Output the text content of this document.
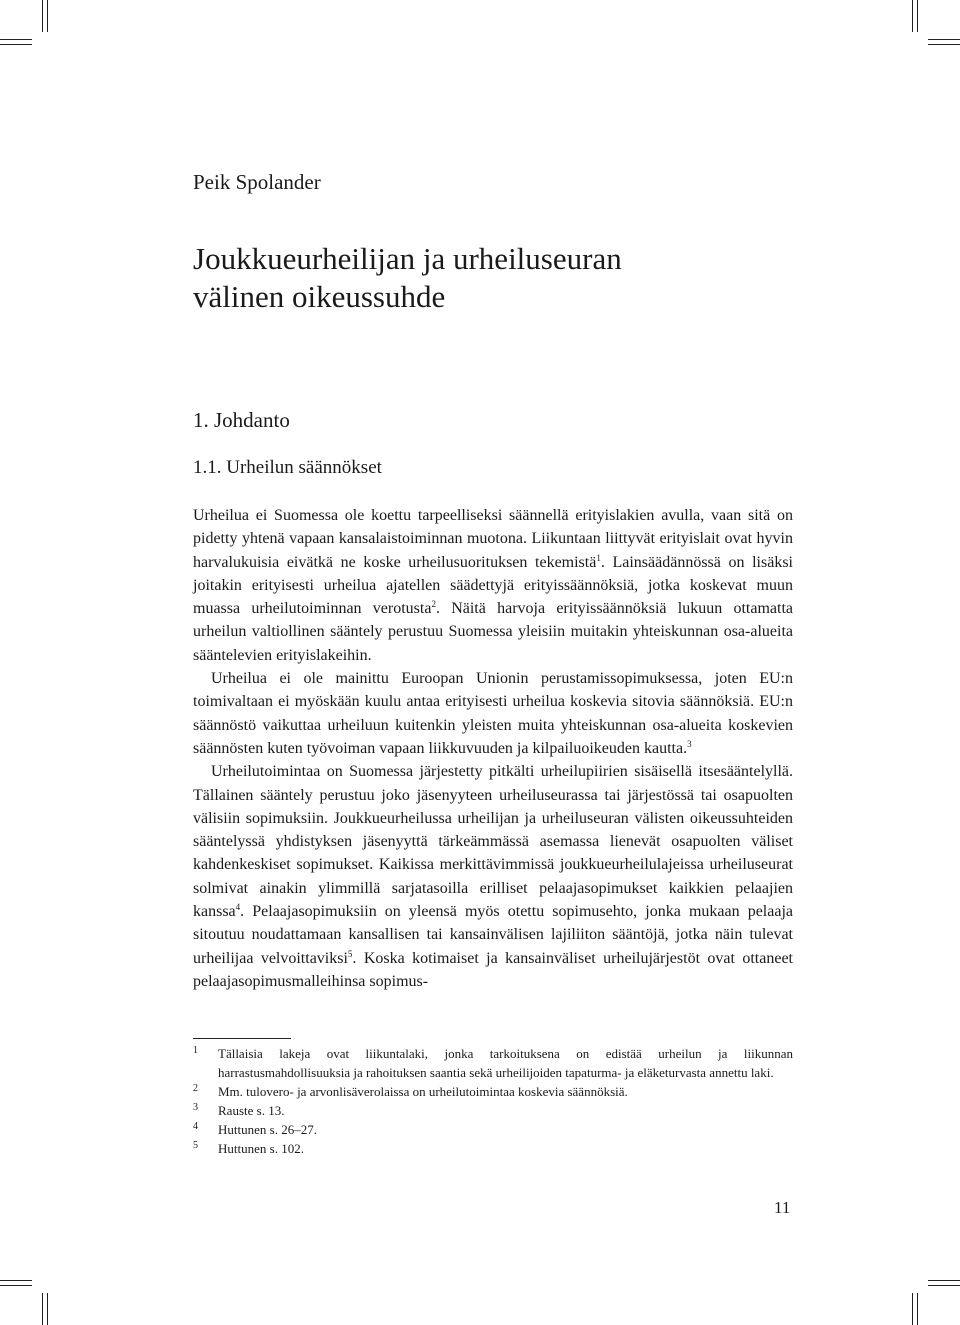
Peik Spolander
Joukkueurheilijan ja urheiluseuran
välinen oikeussuhde
1. Johdanto
1.1. Urheilun säännökset

Urheilua ei Suomessa ole koettu tarpeelliseksi säännellä erityislakien avulla, vaan sitä on pidetty yhtenä vapaan kansalaistoiminnan muotona. Liikuntaan liittyvät erityislait ovat hyvin harvalukuisia eivätkä ne koske urheilusuorituksen tekemistä$^1$. Lainsäädännössä on lisäksi joitakin erityisesti urheilua ajatellen säädettyjä erityissäännöksiä, jotka koskevat muun muassa urheilutoiminnan verotusta$^2$. Näitä harvoja erityissäännöksiä lukuun ottamatta urheilun valtiollinen sääntely perustuu Suomessa yleisiin muitakin yhteiskunnan osa-alueita sääntelevien erityislakeihin.

Urheilua ei ole mainittu Euroopan Unionin perustamissopimuksessa, joten EU:n toimivaltaan ei myöskään kuulu antaa erityisesti urheilua koskevia sitovia säännöksiä. EU:n säännöstö vaikuttaa urheiluun kuitenkin yleisten muita yhteiskunnan osa-alueita koskevien säännösten kuten työvoiman vapaan liikkuvuuden ja kilpailuoikeuden kautta.$^3$

Urheilutoimintaa on Suomessa järjestetty pitkälti urheilupiirien sisäisellä itsesääntelyllä. Tällainen sääntely perustuu joko jäsenyyteen urheiluseurassa tai järjestössä tai osapuolten välisiin sopimuksiin. Joukkueurheilussa urheilijan ja urheiluseuran välisten oikeussuhteiden sääntelyssä yhdistyksen jäsenyyttä tärkeämmässä asemassa lienevät osapuolten väliset kahdenkeskiset sopimukset. Kaikissa merkittävimmissä joukkueurheilulajeissa urheiluseurat solmivat ainakin ylimmillä sarjatasoilla erilliset pelaajasopimukset kaikkien pelaajien kanssa$^4$. Pelaajasopimuksiin on yleensä myös otettu sopimusehto, jonka mukaan pelaaja sitoutuu noudattamaan kansallisen tai kansainvälisen lajiliiton sääntöjä, jotka näin tulevat urheilijaa velvoittaviksi$^5$. Koska kotimaiset ja kansainväliset urheilujärjestöt ovat ottaneet pelaajasopimusmalleihinsa sopimus-

1	Tällaisia lakeja ovat liikuntalaki, jonka tarkoituksena on edistää urheilun ja liikunnan harrastusmahdollisuuksia ja rahoituksen saantia sekä urheilijoiden tapaturma- ja eläketurvasta annettu laki.
2	Mm. tulovero- ja arvonlisäverolaissa on urheilutoimintaa koskevia säännöksiä.
3	Rauste s. 13.
4	Huttunen s. 26–27.
5	Huttunen s. 102.
11
